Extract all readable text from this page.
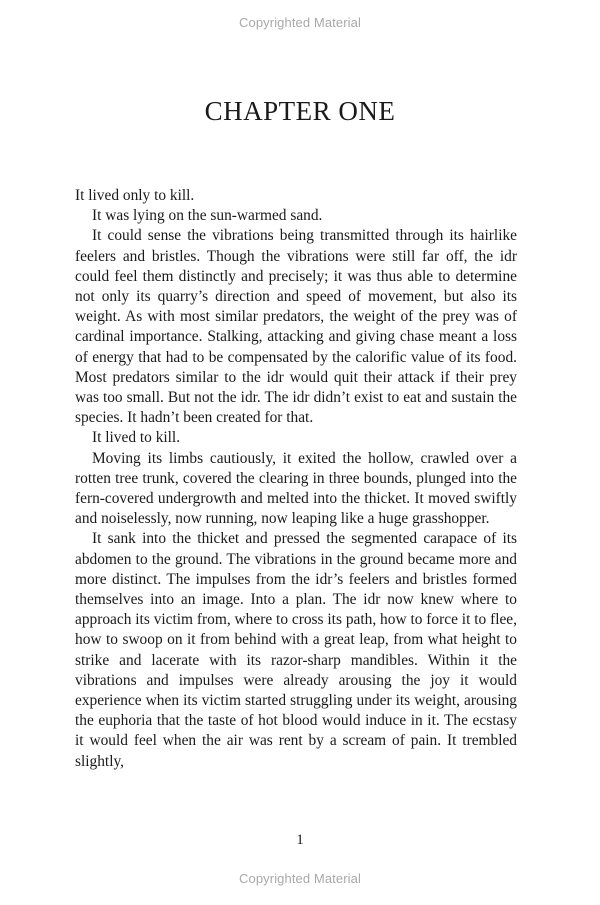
Copyrighted Material
CHAPTER ONE

It lived only to kill.

It was lying on the sun-warmed sand.

It could sense the vibrations being transmitted through its hairlike feelers and bristles. Though the vibrations were still far off, the idr could feel them distinctly and precisely; it was thus able to determine not only its quarry’s direction and speed of movement, but also its weight. As with most similar predators, the weight of the prey was of cardinal importance. Stalking, attacking and giving chase meant a loss of energy that had to be compensated by the calorific value of its food. Most predators similar to the idr would quit their attack if their prey was too small. But not the idr. The idr didn’t exist to eat and sustain the species. It hadn’t been created for that.

It lived to kill.

Moving its limbs cautiously, it exited the hollow, crawled over a rotten tree trunk, covered the clearing in three bounds, plunged into the fern-covered undergrowth and melted into the thicket. It moved swiftly and noiselessly, now running, now leaping like a huge grasshopper.

It sank into the thicket and pressed the segmented carapace of its abdomen to the ground. The vibrations in the ground became more and more distinct. The impulses from the idr’s feelers and bristles formed themselves into an image. Into a plan. The idr now knew where to approach its victim from, where to cross its path, how to force it to flee, how to swoop on it from behind with a great leap, from what height to strike and lacerate with its razor-sharp mandibles. Within it the vibrations and impulses were already arousing the joy it would experience when its victim started struggling under its weight, arousing the euphoria that the taste of hot blood would induce in it. The ecstasy it would feel when the air was rent by a scream of pain. It trembled slightly,

1
Copyrighted Material
